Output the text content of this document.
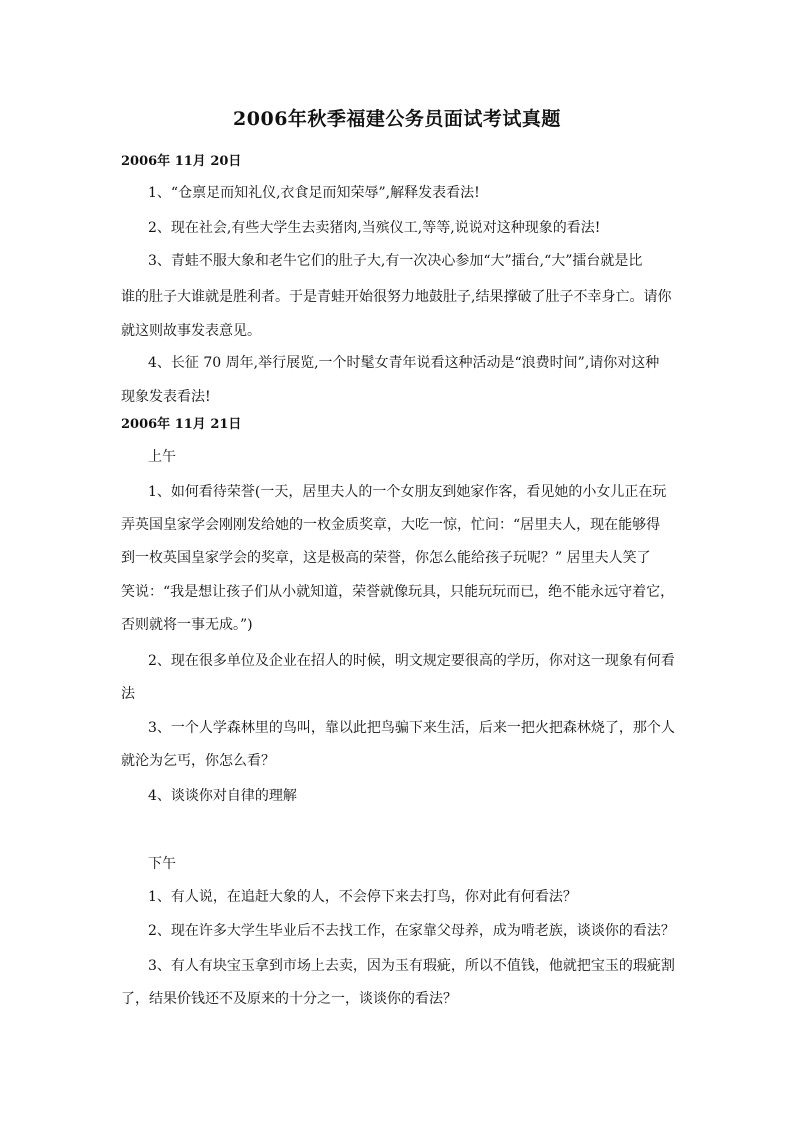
2006年秋季福建公务员面试考试真题
2006年 11月 20日
1、“仓禀足而知礼仪,衣食足而知荣辱”,解释发表看法!
2、现在社会,有些大学生去卖猪肉,当殡仪工,等等,说说对这种现象的看法!
3、青蛙不服大象和老牛它们的肚子大,有一次决心参加“大”擂台,“大”擂台就是比
谁的肚子大谁就是胜利者。于是青蛙开始很努力地鼓肚子,结果撑破了肚子不幸身亡。请你
就这则故事发表意见。
4、长征 70 周年,举行展览,一个时髦女青年说看这种活动是“浪费时间”,请你对这种
现象发表看法!
2006年 11月 21日
上午
1、如何看待荣誉(一天，居里夫人的一个女朋友到她家作客，看见她的小女儿正在玩
弄英国皇家学会刚刚发给她的一枚金质奖章，大吃一惊，忙问：“居里夫人，现在能够得
到一枚英国皇家学会的奖章，这是极高的荣誉，你怎么能给孩子玩呢？” 居里夫人笑了
笑说：“我是想让孩子们从小就知道，荣誉就像玩具，只能玩玩而已，绝不能永远守着它，
否则就将一事无成。”)
2、现在很多单位及企业在招人的时候，明文规定要很高的学历，你对这一现象有何看
法
3、一个人学森林里的鸟叫，靠以此把鸟骗下来生活，后来一把火把森林烧了，那个人
就沦为乞丐，你怎么看？
4、谈谈你对自律的理解
下午
1、有人说，在追赶大象的人，不会停下来去打鸟，你对此有何看法？
2、现在许多大学生毕业后不去找工作，在家靠父母养，成为啃老族，谈谈你的看法？
3、有人有块宝玉拿到市场上去卖，因为玉有瑕疵，所以不值钱，他就把宝玉的瑕疵割
了，结果价钱还不及原来的十分之一，谈谈你的看法？
